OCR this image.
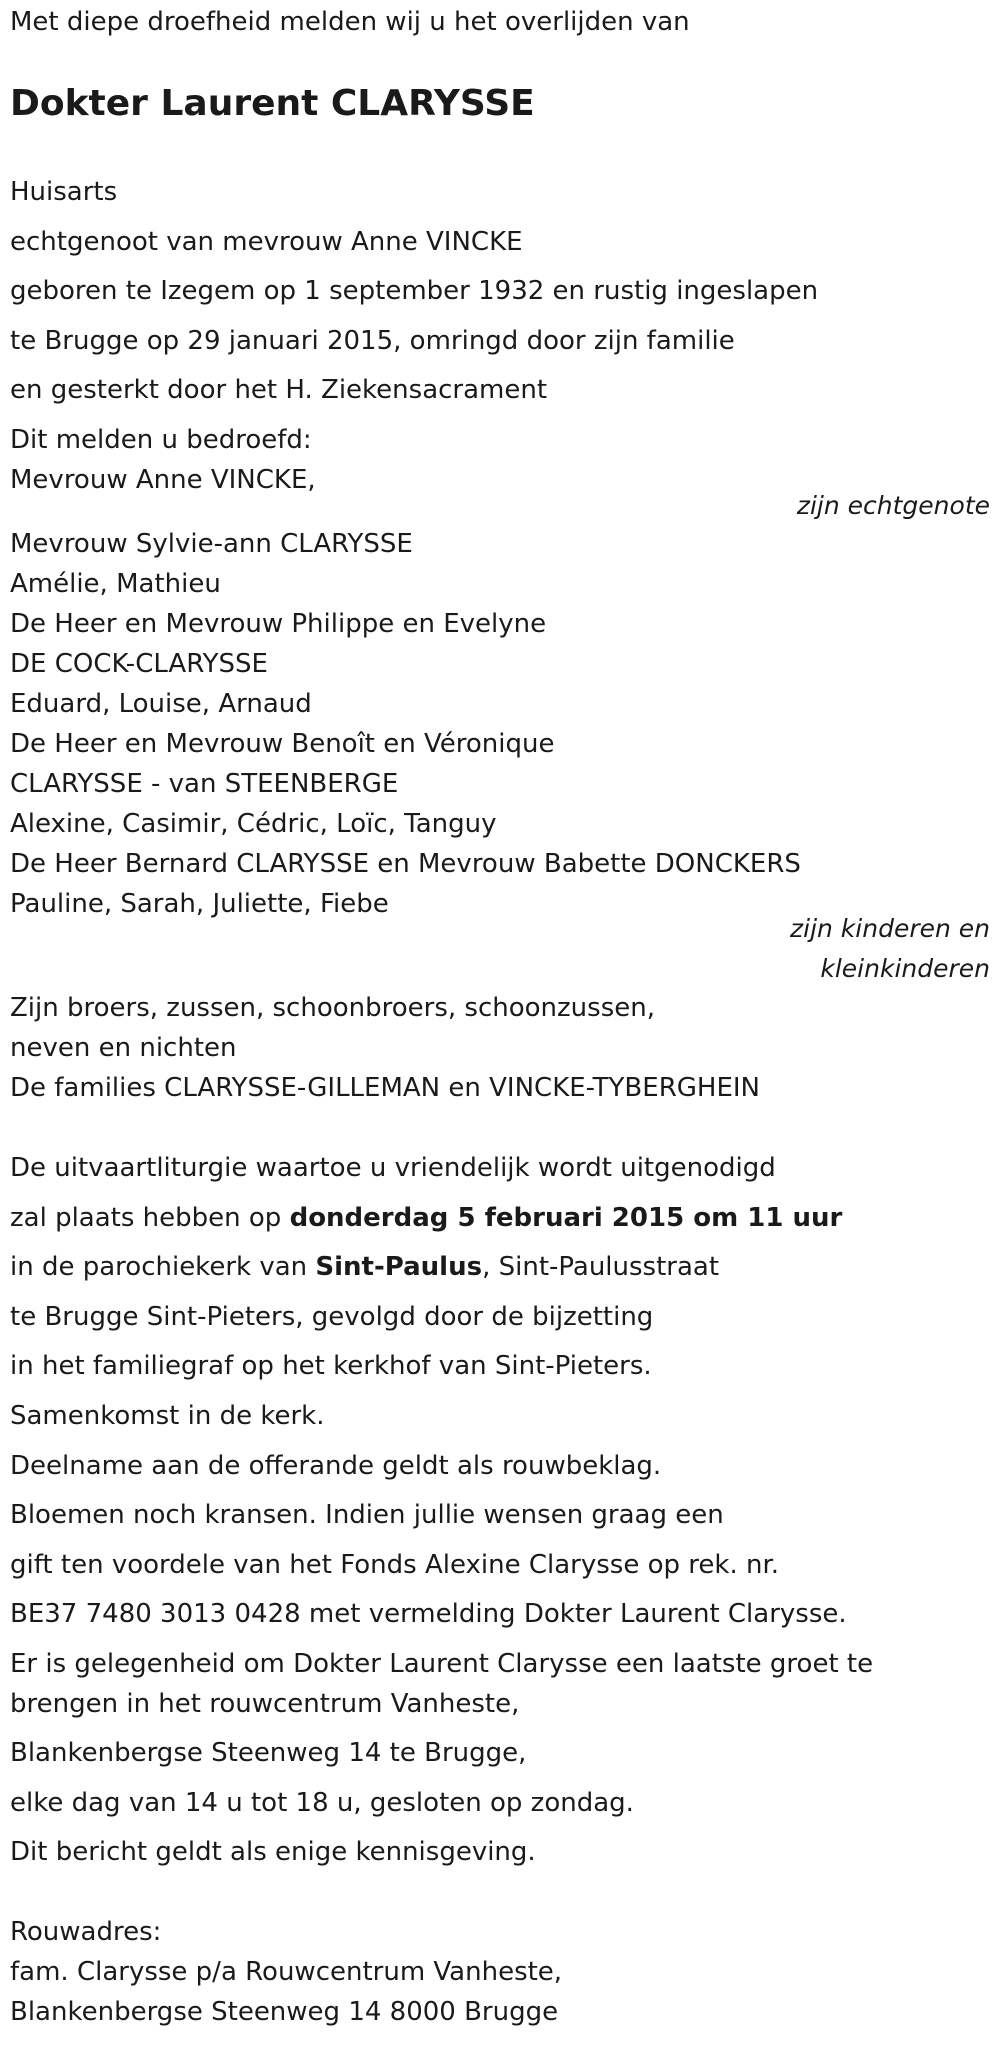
Met diepe droefheid melden wij u het overlijden van

Dokter Laurent CLARYSSE

Huisarts

echtgenoot van mevrouw Anne VINCKE

geboren te Izegem op 1 september 1932 en rustig ingeslapen

te Brugge op 29 januari 2015, omringd door zijn familie

en gesterkt door het H. Ziekensacrament

Dit melden u bedroefd:

Mevrouw Anne VINCKE,

zijn echtgenote

Mevrouw Sylvie-ann CLARYSSE

Amélie, Mathieu

De Heer en Mevrouw Philippe en Evelyne

DE COCK-CLARYSSE

Eduard, Louise, Arnaud

De Heer en Mevrouw Benoît en Véronique

CLARYSSE - van STEENBERGE

Alexine, Casimir, Cédric, Loïc, Tanguy

De Heer Bernard CLARYSSE en Mevrouw Babette DONCKERS

Pauline, Sarah, Juliette, Fiebe

zijn kinderen en

kleinkinderen

Zijn broers, zussen, schoonbroers, schoonzussen,

neven en nichten

De families CLARYSSE-GILLEMAN en VINCKE-TYBERGHEIN

De uitvaartliturgie waartoe u vriendelijk wordt uitgenodigd

zal plaats hebben op donderdag 5 februari 2015 om 11 uur

in de parochiekerk van Sint-Paulus, Sint-Paulusstraat

te Brugge Sint-Pieters, gevolgd door de bijzetting

in het familiegraf op het kerkhof van Sint-Pieters.

Samenkomst in de kerk.

Deelname aan de offerande geldt als rouwbeklag.

Bloemen noch kransen. Indien jullie wensen graag een

gift ten voordele van het Fonds Alexine Clarysse op rek. nr.

BE37 7480 3013 0428 met vermelding Dokter Laurent Clarysse.

Er is gelegenheid om Dokter Laurent Clarysse een laatste groet te

brengen in het rouwcentrum Vanheste,

Blankenbergse Steenweg 14 te Brugge,

elke dag van 14 u tot 18 u, gesloten op zondag.

Dit bericht geldt als enige kennisgeving.

Rouwadres:

fam. Clarysse p/a Rouwcentrum Vanheste,

Blankenbergse Steenweg 14 8000 Brugge
